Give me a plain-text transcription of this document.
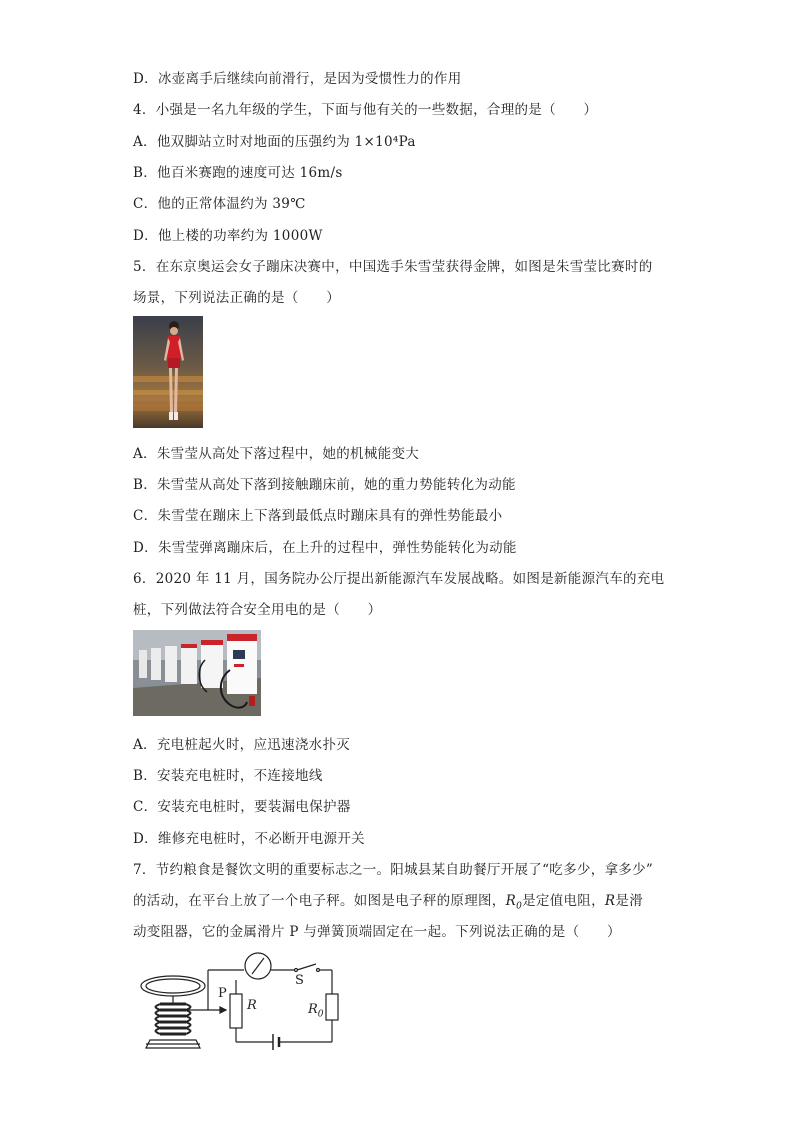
D．冰壶离手后继续向前滑行，是因为受惯性力的作用
4．小强是一名九年级的学生，下面与他有关的一些数据，合理的是（　　）
A．他双脚站立时对地面的压强约为 1×10⁴Pa
B．他百米赛跑的速度可达 16m/s
C．他的正常体温约为 39℃
D．他上楼的功率约为 1000W
5．在东京奥运会女子蹦床决赛中，中国选手朱雪莹获得金牌，如图是朱雪莹比赛时的
场景，下列说法正确的是（　　）
A．朱雪莹从高处下落过程中，她的机械能变大
B．朱雪莹从高处下落到接触蹦床前，她的重力势能转化为动能
C．朱雪莹在蹦床上下落到最低点时蹦床具有的弹性势能最小
D．朱雪莹弹离蹦床后，在上升的过程中，弹性势能转化为动能
6．2020 年 11 月，国务院办公厅提出新能源汽车发展战略。如图是新能源汽车的充电
桩，下列做法符合安全用电的是（　　）
A．充电桩起火时，应迅速浇水扑灭
B．安装充电桩时，不连接地线
C．安装充电桩时，要装漏电保护器
D．维修充电桩时，不必断开电源开关
7．节约粮食是餐饮文明的重要标志之一。阳城县某自助餐厅开展了“吃多少，拿多少”
的活动，在平台上放了一个电子秤。如图是电子秤的原理图，$R_0$是定值电阻，R是滑
动变阻器，它的金属滑片 P 与弹簧顶端固定在一起。下列说法正确的是（　　）
P
R
S
$R_0$
